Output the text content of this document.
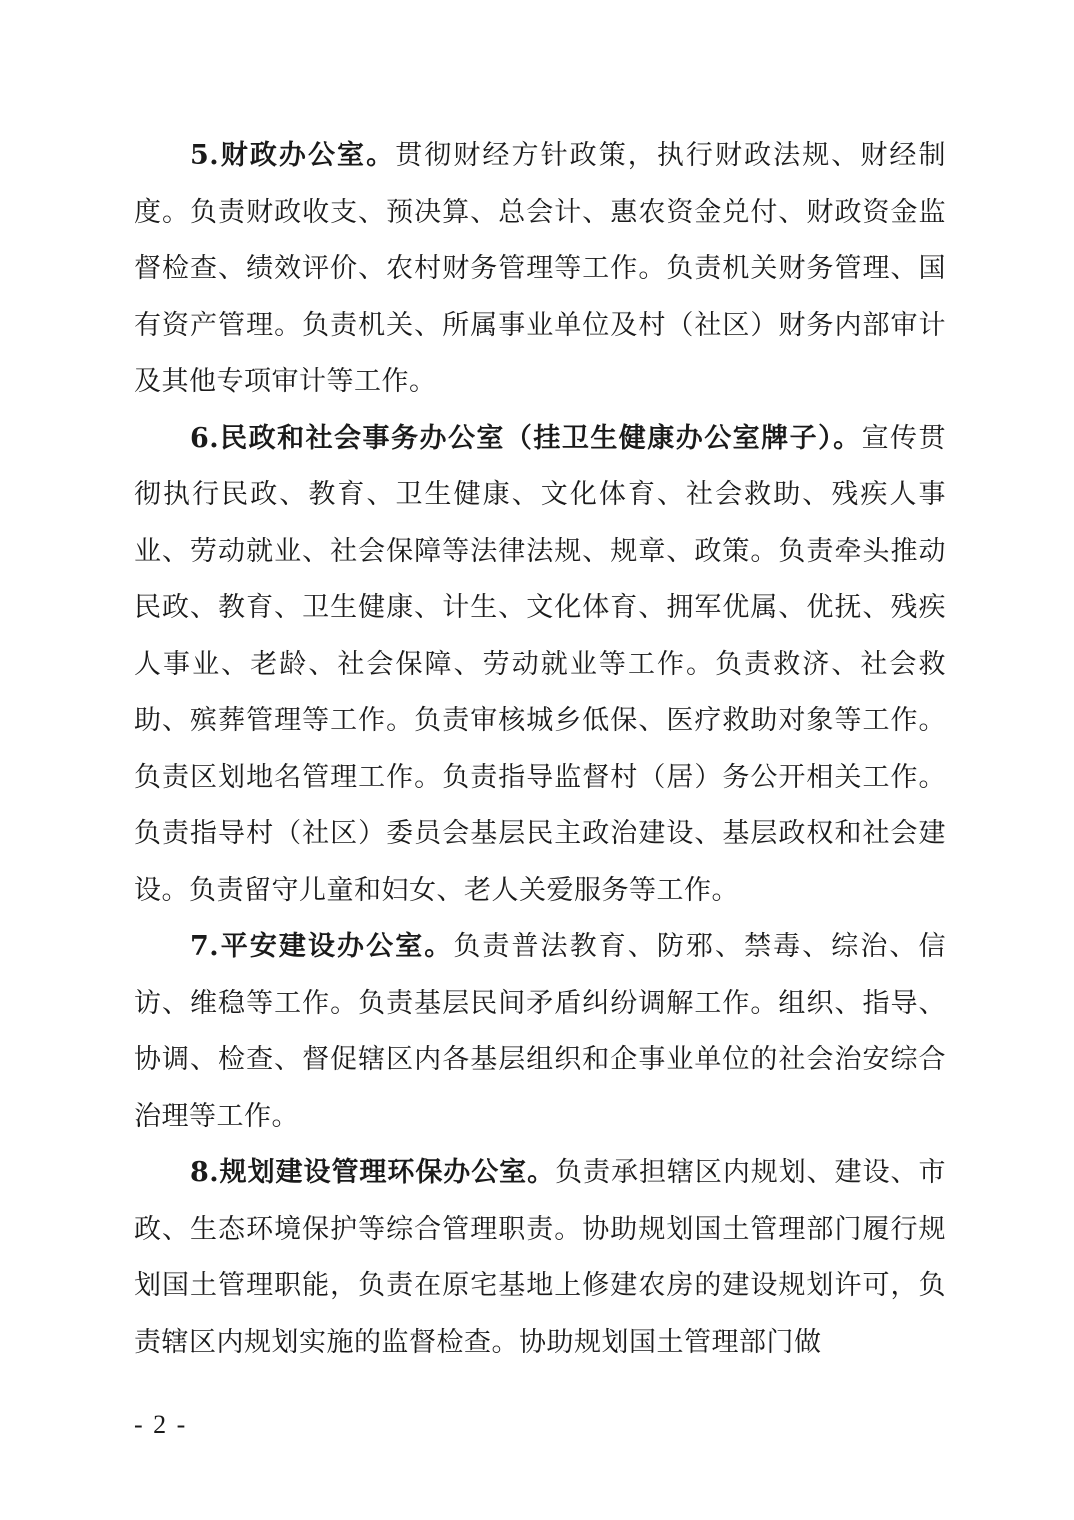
5.财政办公室。贯彻财经方针政策，执行财政法规、财经制度。负责财政收支、预决算、总会计、惠农资金兑付、财政资金监督检查、绩效评价、农村财务管理等工作。负责机关财务管理、国有资产管理。负责机关、所属事业单位及村（社区）财务内部审计及其他专项审计等工作。

6.民政和社会事务办公室（挂卫生健康办公室牌子）。宣传贯彻执行民政、教育、卫生健康、文化体育、社会救助、残疾人事业、劳动就业、社会保障等法律法规、规章、政策。负责牵头推动民政、教育、卫生健康、计生、文化体育、拥军优属、优抚、残疾人事业、老龄、社会保障、劳动就业等工作。负责救济、社会救助、殡葬管理等工作。负责审核城乡低保、医疗救助对象等工作。负责区划地名管理工作。负责指导监督村（居）务公开相关工作。负责指导村（社区）委员会基层民主政治建设、基层政权和社会建设。负责留守儿童和妇女、老人关爱服务等工作。

7.平安建设办公室。负责普法教育、防邪、禁毒、综治、信访、维稳等工作。负责基层民间矛盾纠纷调解工作。组织、指导、协调、检查、督促辖区内各基层组织和企事业单位的社会治安综合治理等工作。

8.规划建设管理环保办公室。负责承担辖区内规划、建设、市政、生态环境保护等综合管理职责。协助规划国土管理部门履行规划国土管理职能，负责在原宅基地上修建农房的建设规划许可，负责辖区内规划实施的监督检查。协助规划国土管理部门做

- 2 -
